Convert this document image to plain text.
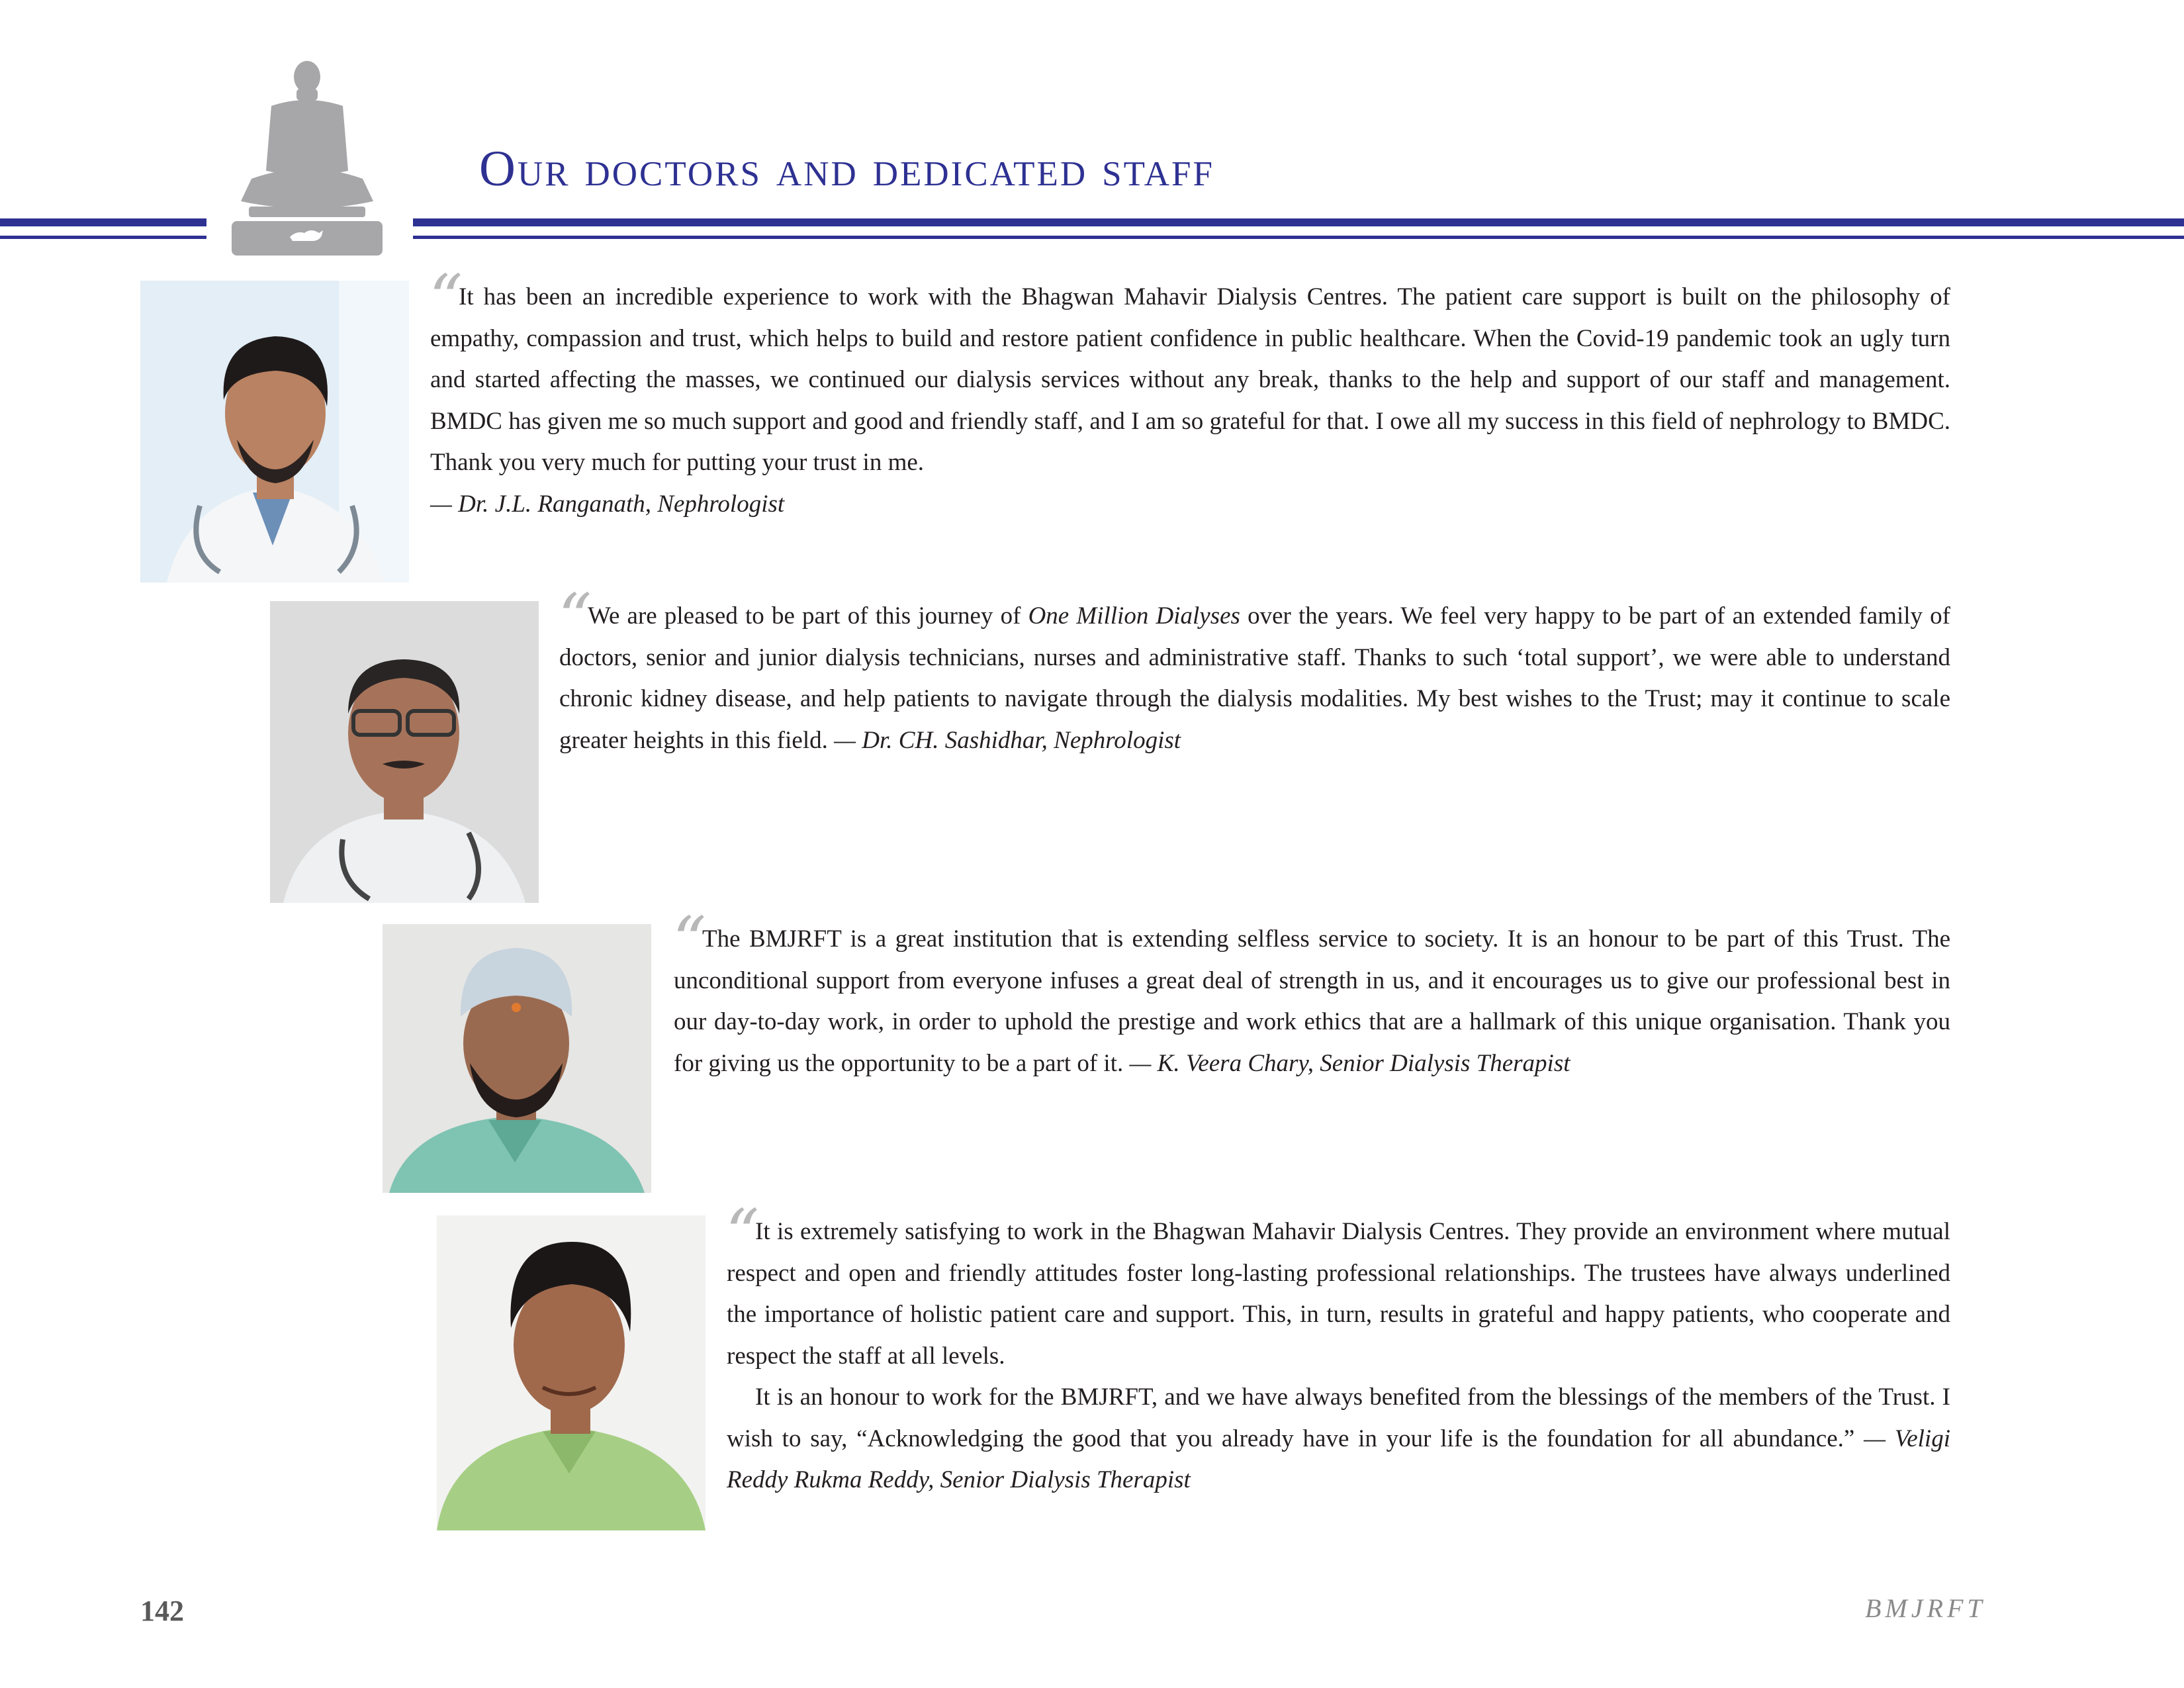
Our doctors and dedicated staff
“

It has been an incredible experience to work with the Bhagwan Mahavir Dialysis Centres. The patient care support is built on the philosophy of empathy, compassion and trust, which helps to build and restore patient confidence in public healthcare. When the Covid-19 pandemic took an ugly turn and started affecting the masses, we continued our dialysis services without any break, thanks to the help and support of our staff and management. BMDC has given me so much support and good and friendly staff, and I am so grateful for that. I owe all my success in this field of nephrology to BMDC. Thank you very much for putting your trust in me.
— Dr. J.L. Ranganath, Nephrologist

“

We are pleased to be part of this journey of One Million Dialyses over the years. We feel very happy to be part of an extended family of doctors, senior and junior dialysis technicians, nurses and administrative staff. Thanks to such ‘total support’, we were able to understand chronic kidney disease, and help patients to navigate through the dialysis modalities. My best wishes to the Trust; may it continue to scale greater heights in this field. — Dr. CH. Sashidhar, Nephrologist

“

The BMJRFT is a great institution that is extending selfless service to society. It is an honour to be part of this Trust. The unconditional support from everyone infuses a great deal of strength in us, and it encourages us to give our professional best in our day-to-day work, in order to uphold the prestige and work ethics that are a hallmark of this unique organisation. Thank you for giving us the opportunity to be a part of it. — K. Veera Chary, Senior Dialysis Therapist

“

It is extremely satisfying to work in the Bhagwan Mahavir Dialysis Centres. They provide an environment where mutual respect and open and friendly attitudes foster long-lasting professional relationships. The trustees have always underlined the importance of holistic patient care and support. This, in turn, results in grateful and happy patients, who cooperate and respect the staff at all levels.

It is an honour to work for the BMJRFT, and we have always benefited from the blessings of the members of the Trust. I wish to say, “Acknowledging the good that you already have in your life is the foundation for all abundance.” — Veligi Reddy Rukma Reddy, Senior Dialysis Therapist

142	BMJRFT
